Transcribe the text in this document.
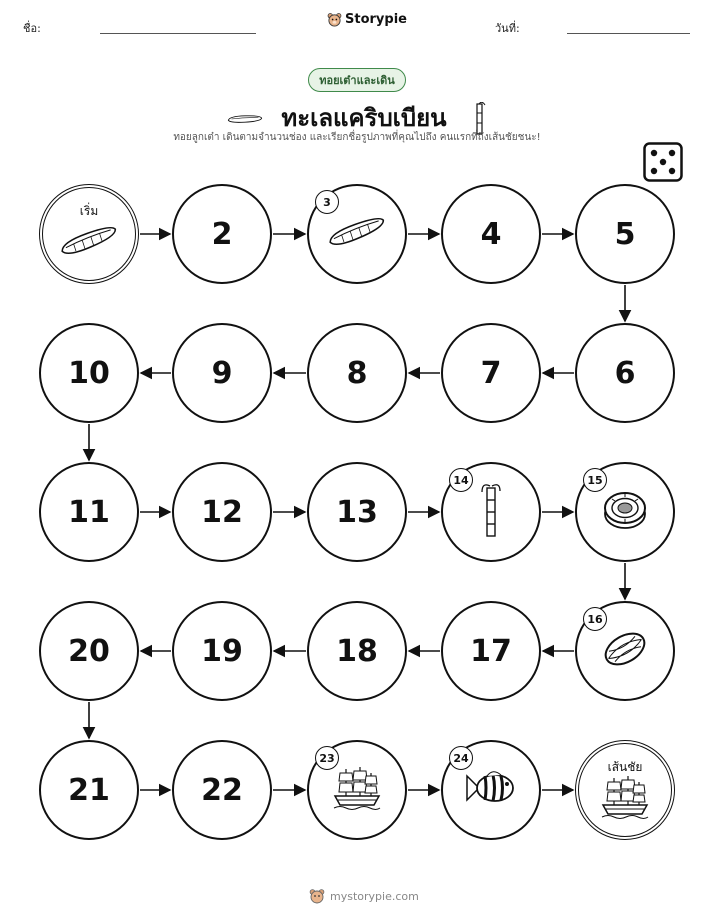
ชื่อ:
Storypie
วันที่:
ทอยเต๋าและเดิน
ทะเลแคริบเบียน
ทอยลูกเต๋า เดินตามจำนวนช่อง และเรียกชื่อรูปภาพที่คุณไปถึง คนแรกที่ถึงเส้นชัยชนะ!
เริ่ม
2
3
4	5
6
7
8
9
10
11	12	13
14	15
16
17
18
19
20
21	22
23	24
เส้นชัย
mystorypie.com
